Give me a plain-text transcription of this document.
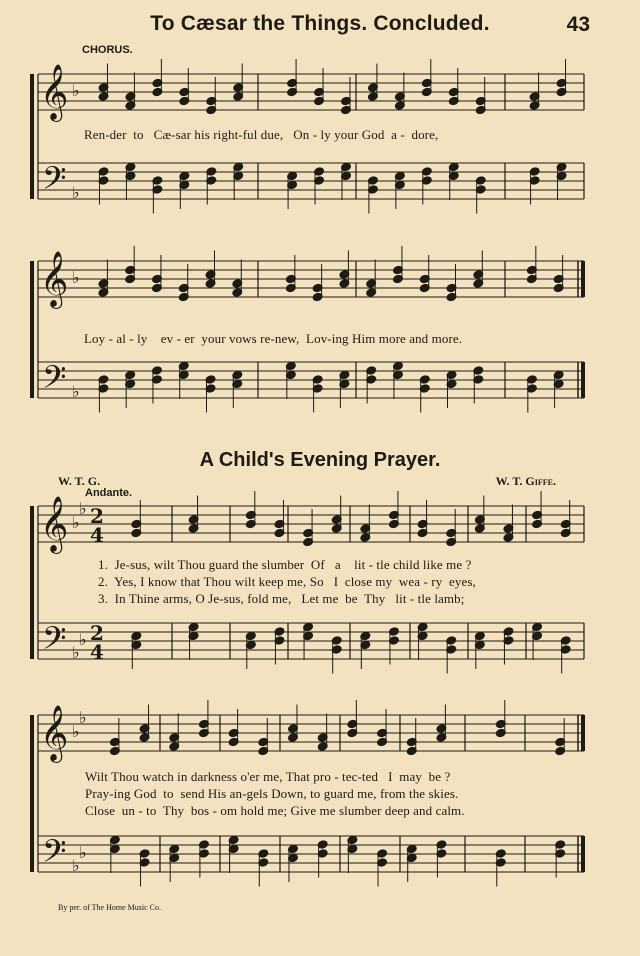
To Cæsar the Things. Concluded.	43
CHORUS.
𝄞
𝄢
♭
♭
𝄞
𝄢
♭
♭
𝄞
𝄢
♭
♭
♭
♭
2
4
2
4
𝄞
𝄢
♭
♭
♭
♭
Ren-der  to   Cæ-sar his right-ful due,   On - ly your God  a -  dore,
Loy - al - ly    ev - er  your vows re-new,  Lov-ing Him more and more.
A Child's Evening Prayer.
W. T. G.	W. T. Giffe.
Andante.
1.  Je-sus, wilt Thou guard the slumber  Of   a    lit - tle child like me ?
2.  Yes, I know that Thou wilt keep me, So   I  close my  wea - ry  eyes,
3.  In Thine arms, O Je-sus, fold me,   Let me  be  Thy   lit - tle lamb;
Wilt Thou watch in darkness o'er me, That pro - tec-ted   I  may  be ?
Pray-ing God  to  send His an-gels Down, to guard me, from the skies.
Close  un - to  Thy  bos - om hold me; Give me slumber deep and calm.
By per. of The Home Music Co.
